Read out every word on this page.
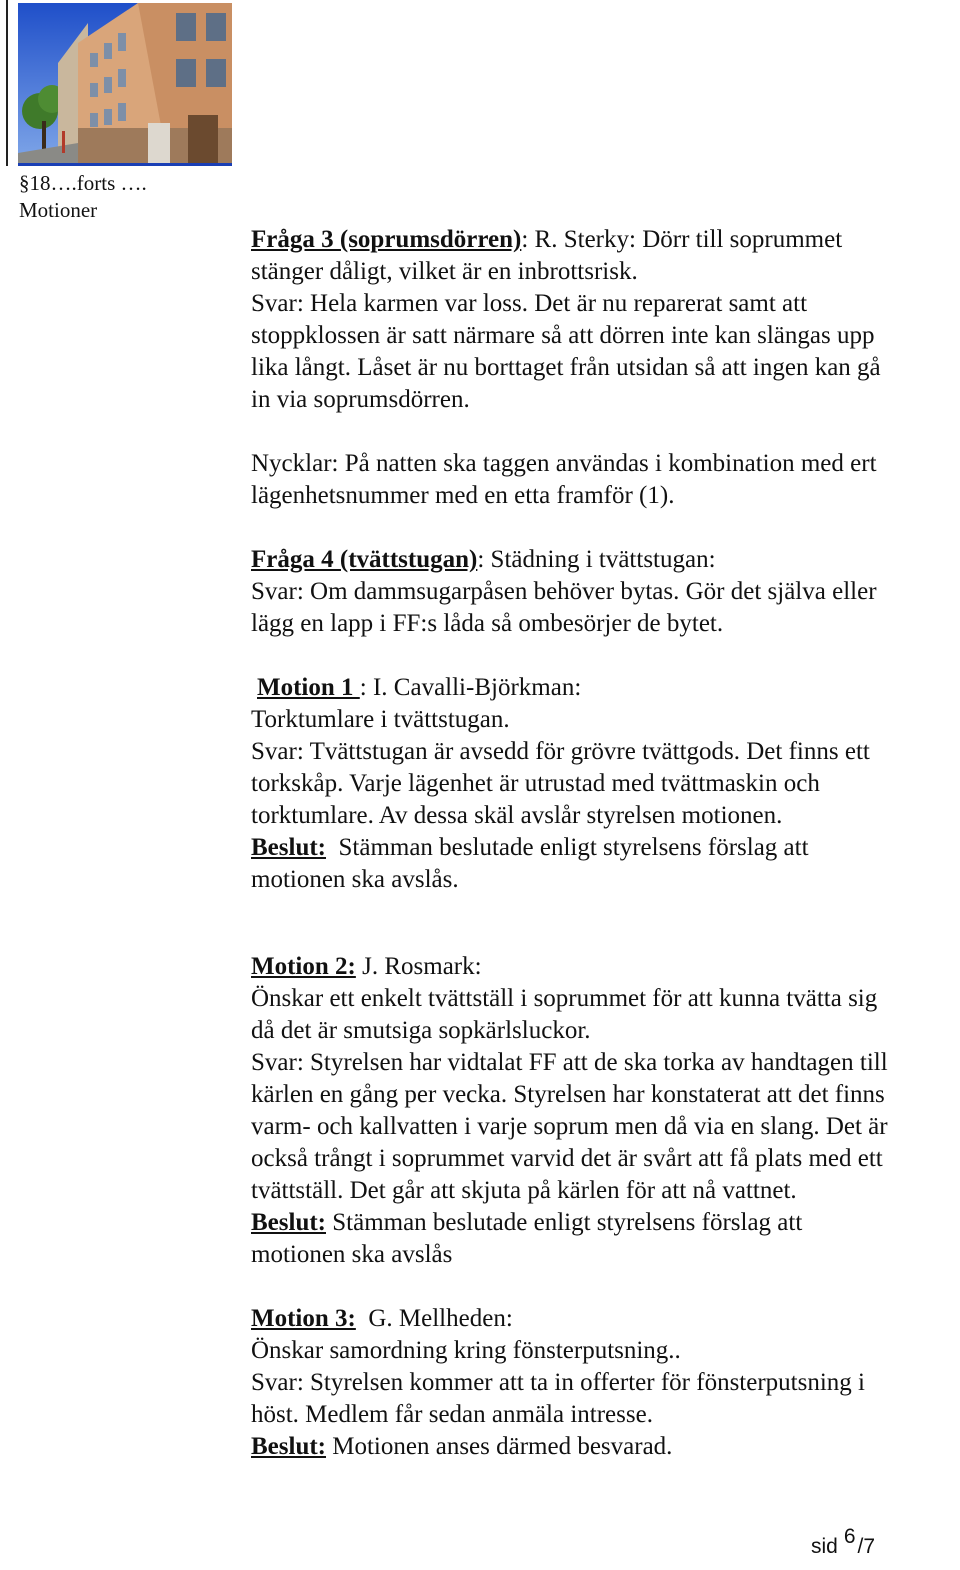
§18….forts ….
Motioner
Fråga 3 (soprumsdörren): R. Sterky: Dörr till soprummet
stänger dåligt, vilket är en inbrottsrisk.
Svar: Hela karmen var loss. Det är nu reparerat samt att
stoppklossen är satt närmare så att dörren inte kan slängas upp
lika långt. Låset är nu borttaget från utsidan så att ingen kan gå
in via soprumsdörren.
Nycklar: På natten ska taggen användas i kombination med ert
lägenhetsnummer med en etta framför (1).
Fråga 4 (tvättstugan): Städning i tvättstugan:
Svar: Om dammsugarpåsen behöver bytas. Gör det själva eller
lägg en lapp i FF:s låda så ombesörjer de bytet.
Motion 1 : I. Cavalli-Björkman:
Torktumlare i tvättstugan.
Svar: Tvättstugan är avsedd för grövre tvättgods. Det finns ett
torkskåp. Varje lägenhet är utrustad med tvättmaskin och
torktumlare. Av dessa skäl avslår styrelsen motionen.
Beslut:  Stämman beslutade enligt styrelsens förslag att
motionen ska avslås.
Motion 2: J. Rosmark:
Önskar ett enkelt tvättställ i soprummet för att kunna tvätta sig
då det är smutsiga sopkärlsluckor.
Svar: Styrelsen har vidtalat FF att de ska torka av handtagen till
kärlen en gång per vecka. Styrelsen har konstaterat att det finns
varm- och kallvatten i varje soprum men då via en slang. Det är
också trångt i soprummet varvid det är svårt att få plats med ett
tvättställ. Det går att skjuta på kärlen för att nå vattnet.
Beslut: Stämman beslutade enligt styrelsens förslag att
motionen ska avslås
Motion 3:  G. Mellheden:
Önskar samordning kring fönsterputsning..
Svar: Styrelsen kommer att ta in offerter för fönsterputsning i
höst. Medlem får sedan anmäla intresse.
Beslut: Motionen anses därmed besvarad.
sid 6/7
